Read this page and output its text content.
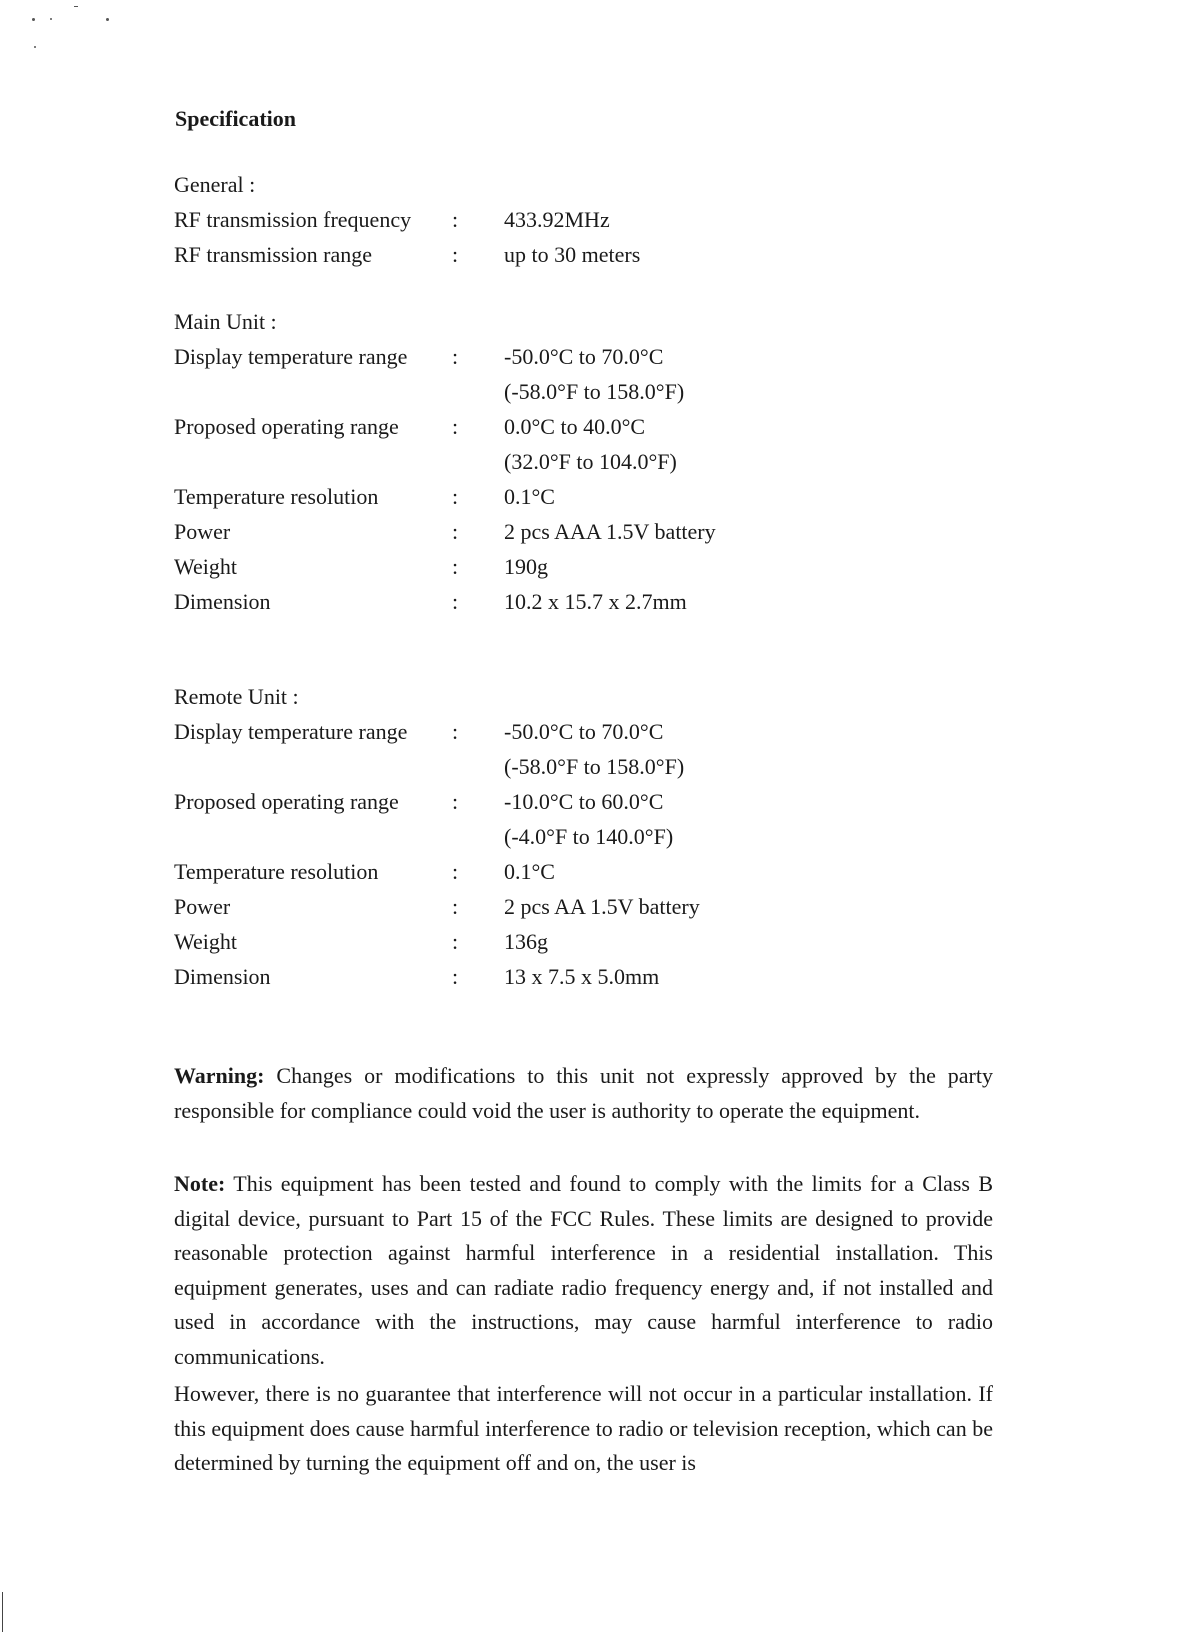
Specification
General :
RF transmission frequency	:	433.92MHz
RF transmission range	:	up to 30 meters
Main Unit :
Display temperature range	:	-50.0°C to 70.0°C
(-58.0°F to 158.0°F)
Proposed operating range	:	0.0°C to 40.0°C
(32.0°F to 104.0°F)
Temperature resolution	:	0.1°C
Power	:	2 pcs AAA 1.5V battery
Weight	:	190g
Dimension	:	10.2 x 15.7 x 2.7mm
Remote Unit :
Display temperature range	:	-50.0°C to 70.0°C
(-58.0°F to 158.0°F)
Proposed operating range	:	-10.0°C to 60.0°C
(-4.0°F to 140.0°F)
Temperature resolution	:	0.1°C
Power	:	2 pcs AA 1.5V battery
Weight	:	136g
Dimension	:	13 x 7.5 x 5.0mm
Warning: Changes or modifications to this unit not expressly approved by the party responsible for compliance could void the user is authority to operate the equipment.
Note: This equipment has been tested and found to comply with the limits for a Class B digital device, pursuant to Part 15 of the FCC Rules. These limits are designed to provide reasonable protection against harmful interference in a residential installation. This equipment generates, uses and can radiate radio frequency energy and, if not installed and used in accordance with the instructions, may cause harmful interference to radio communications.
However, there is no guarantee that interference will not occur in a particular installation. If this equipment does cause harmful interference to radio or television reception, which can be determined by turning the equipment off and on, the user is
